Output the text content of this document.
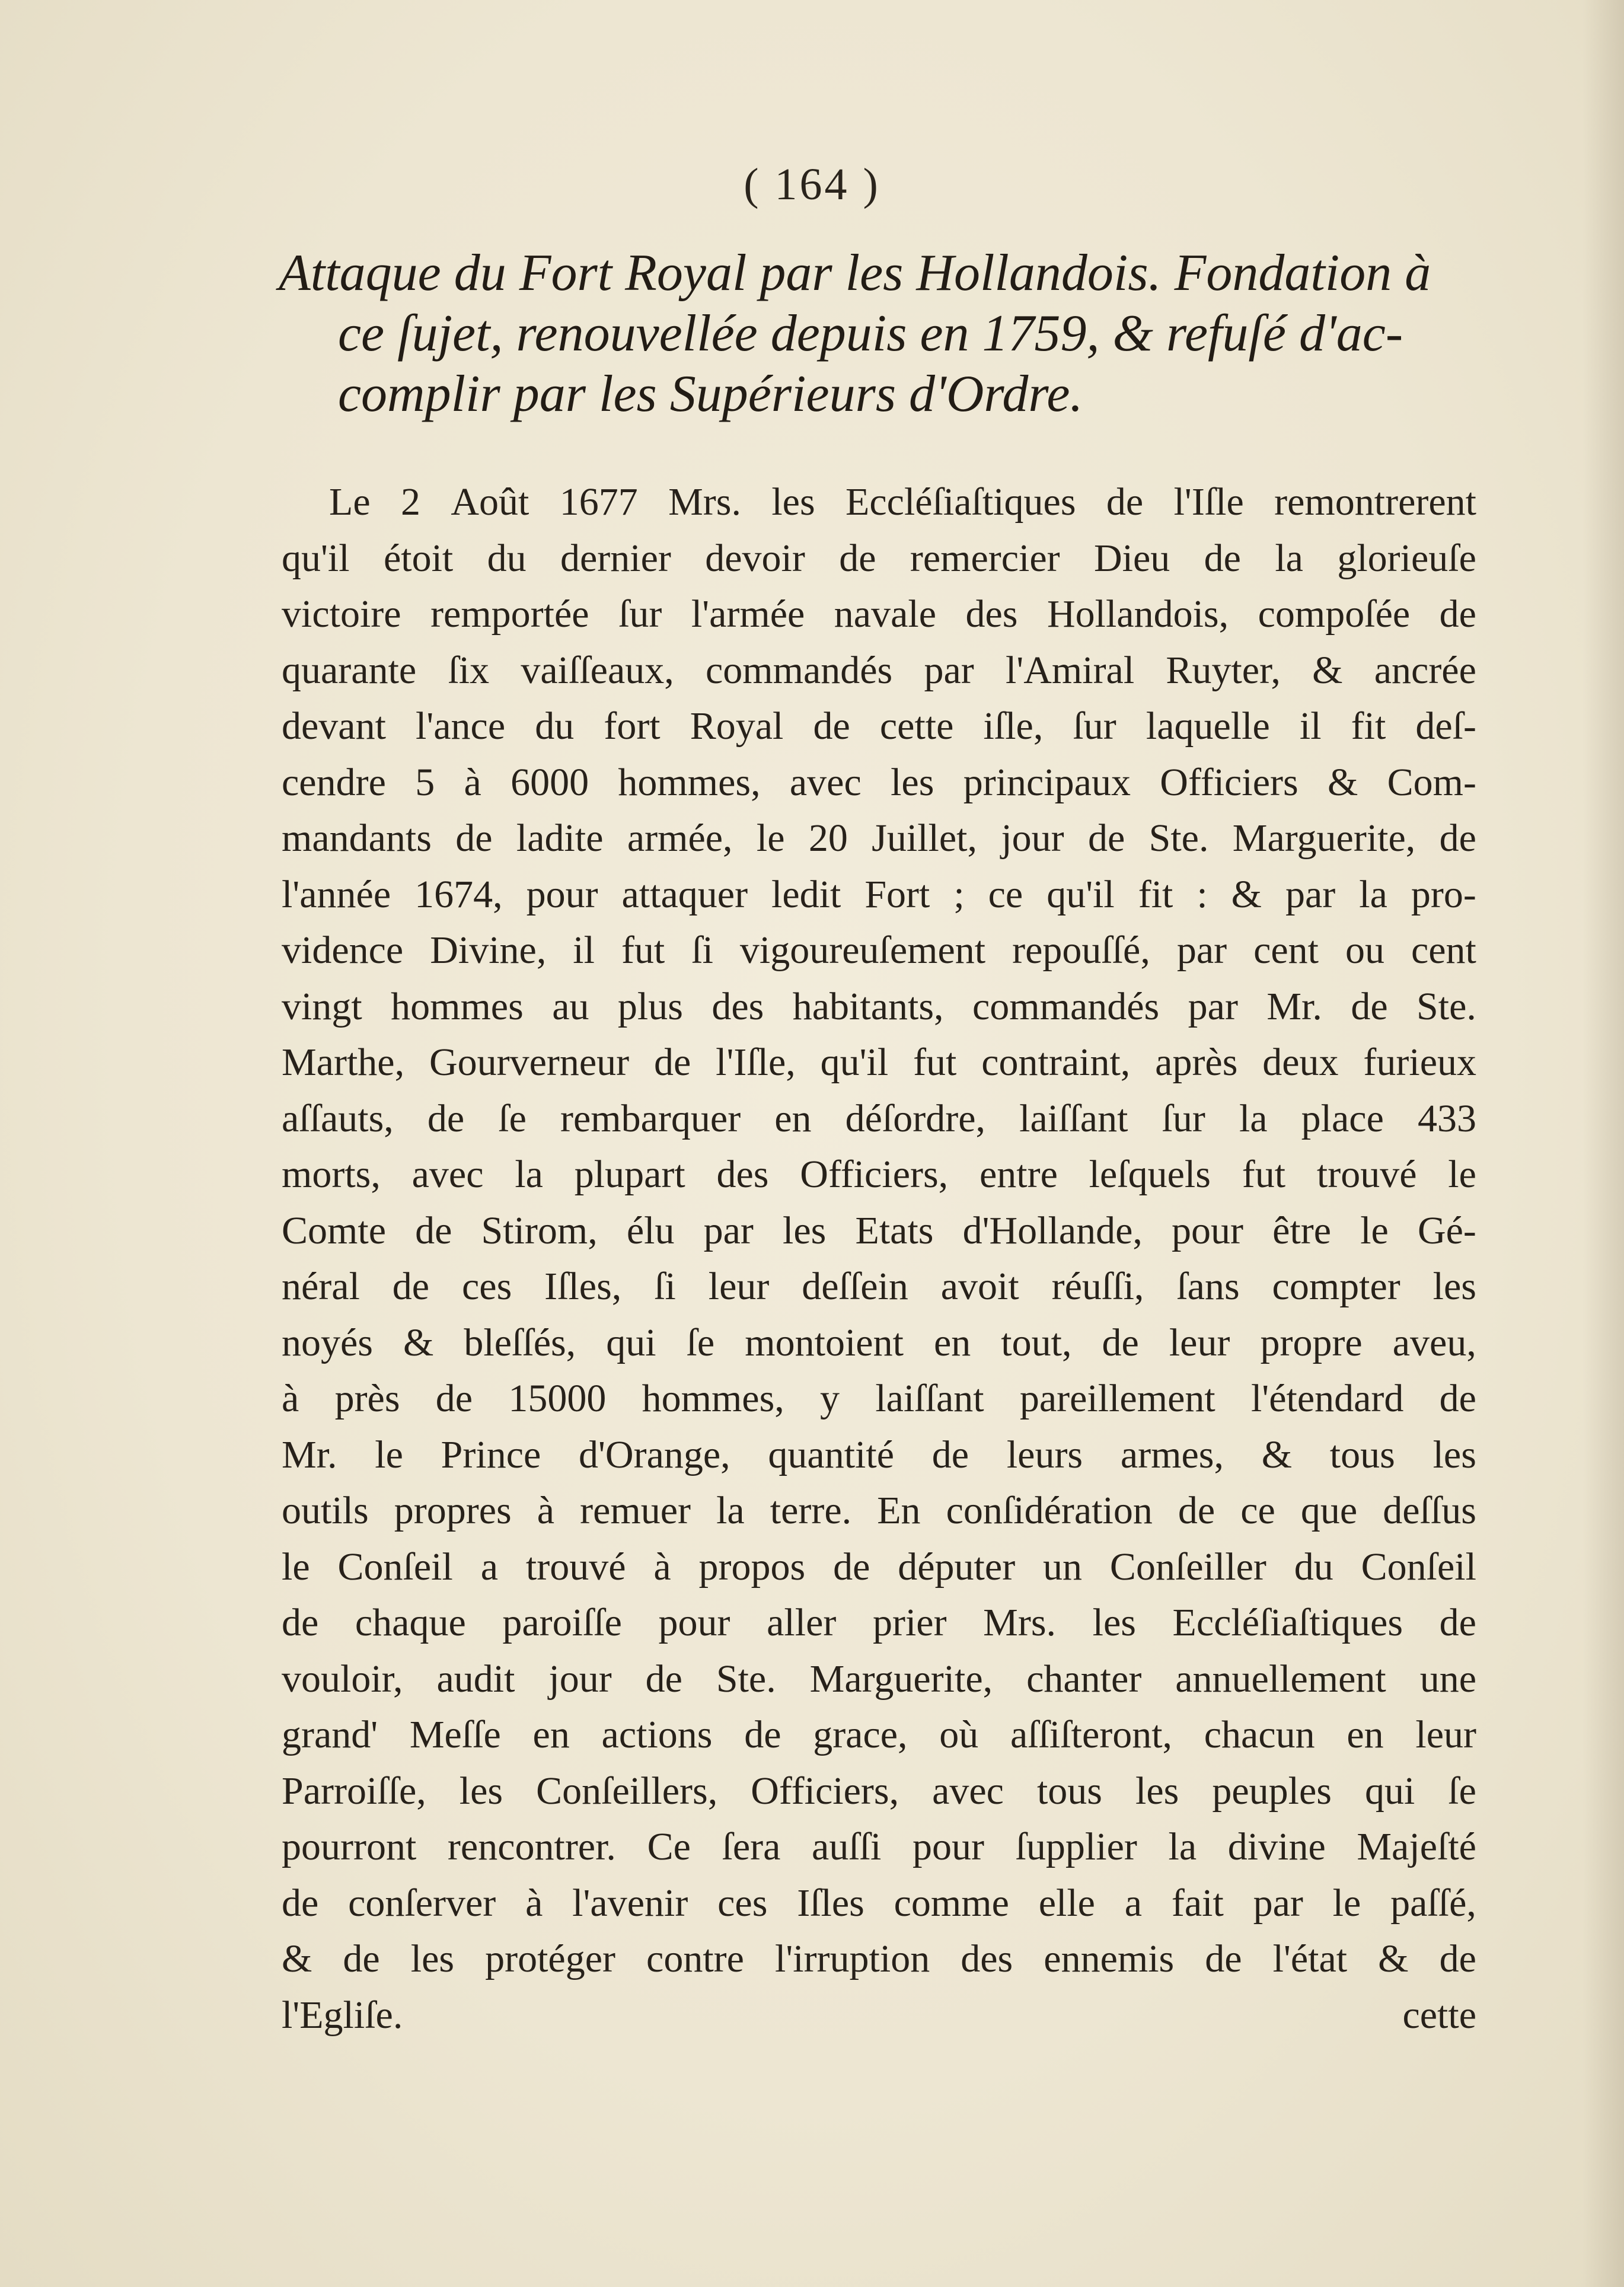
( 164 )
Attaque du Fort Royal par les Hollandois. Fondation à
ce ſujet, renouvellée depuis en 1759, & refuſé d'ac-
complir par les Supérieurs d'Ordre.
Le 2 Août 1677 Mrs. les Eccléſiaſtiques de l'Iſle remontrerent
qu'il étoit du dernier devoir de remercier Dieu de la glorieuſe
victoire remportée ſur l'armée navale des Hollandois, compoſée de
quarante ſix vaiſſeaux, commandés par l'Amiral Ruyter, & ancrée
devant l'ance du fort Royal de cette iſle, ſur laquelle il fit deſ-
cendre 5 à 6000 hommes, avec les principaux Officiers & Com-
mandants de ladite armée, le 20 Juillet, jour de Ste. Marguerite, de
l'année 1674, pour attaquer ledit Fort ; ce qu'il fit : & par la pro-
vidence Divine, il fut ſi vigoureuſement repouſſé, par cent ou cent
vingt hommes au plus des habitants, commandés par Mr. de Ste.
Marthe, Gourverneur de l'Iſle, qu'il fut contraint, après deux furieux
aſſauts, de ſe rembarquer en déſordre, laiſſant ſur la place 433
morts, avec la plupart des Officiers, entre leſquels fut trouvé le
Comte de Stirom, élu par les Etats d'Hollande, pour être le Gé-
néral de ces Iſles, ſi leur deſſein avoit réuſſi, ſans compter les
noyés & bleſſés, qui ſe montoient en tout, de leur propre aveu,
à près de 15000 hommes, y laiſſant pareillement l'étendard de
Mr. le Prince d'Orange, quantité de leurs armes, & tous les
outils propres à remuer la terre. En conſidération de ce que deſſus
le Conſeil a trouvé à propos de députer un Conſeiller du Conſeil
de chaque paroiſſe pour aller prier Mrs. les Eccléſiaſtiques de
vouloir, audit jour de Ste. Marguerite, chanter annuellement une
grand' Meſſe en actions de grace, où aſſiſteront, chacun en leur
Parroiſſe, les Conſeillers, Officiers, avec tous les peuples qui ſe
pourront rencontrer. Ce ſera auſſi pour ſupplier la divine Majeſté
de conſerver à l'avenir ces Iſles comme elle a fait par le paſſé,
& de les protéger contre l'irruption des ennemis de l'état & de
l'Egliſe.	cette
